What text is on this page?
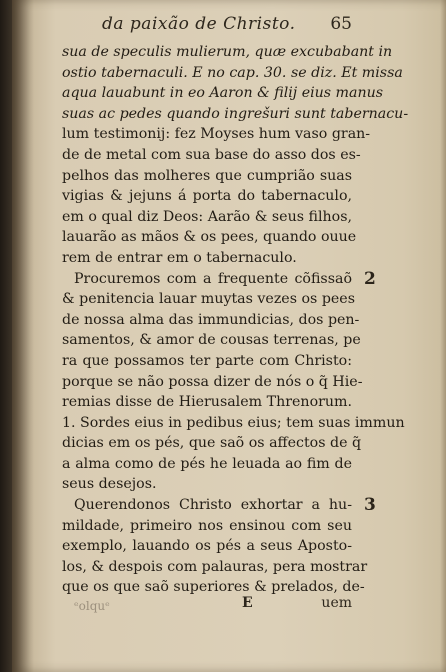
da paixão de Christo.	65
sua de speculis mulierum, quæ excubabant in
ostio tabernaculi. E no cap. 30. se diz. Et missa
aqua lauabunt in eo Aaron & filij eius manus
suas ac pedes quando ingrešuri sunt tabernacu-
lum testimonij: fez Moyses hum vaso gran-
de de metal com sua base do asso dos es-
pelhos das molheres que cumprião suas
vigias & jejuns á porta do tabernaculo,
em o qual diz Deos: Aarão & seus filhos,
lauarão as mãos & os pees, quando ouue
rem de entrar em o tabernaculo.
Procuremos com a frequente cõfissaõ
& penitencia lauar muytas vezes os pees
de nossa alma das immundicias, dos pen-
samentos, & amor de cousas terrenas, pe
ra que possamos ter parte com Christo:
porque se não possa dizer de nós o q̃ Hie-
remias disse de Hierusalem Threnorum.
1. Sordes eius in pedibus eius; tem suas immun
dicias em os pés, que saõ os affectos de q̃
a alma como de pés he leuada ao fim de
seus desejos.
Querendonos Christo exhortar a hu-
mildade, primeiro nos ensinou com seu
exemplo, lauando os pés a seus Aposto-
los, & despois com palauras, pera mostrar
que os que saõ superiores & prelados, de-
ᵉolquᵉ	E	uem
2
3
